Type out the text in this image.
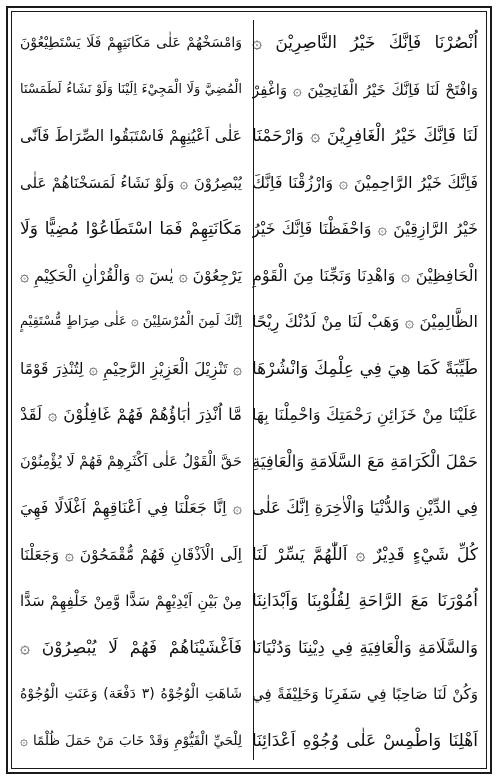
اُنْصُرْنَا فَاِنَّكَ خَيْرُ النَّاصِرِيْنَ ۞
وَافْتَحْ لَنَا فَاِنَّكَ خَيْرُ الْفَاتِحِيْنَ ۞ وَاغْفِرْ
لَنَا فَاِنَّكَ خَيْرُ الْغَافِرِيْنَ ۞ وَارْحَمْنَا
فَاِنَّكَ خَيْرُ الرَّاحِمِيْنَ ۞ وَارْزُقْنَا فَاِنَّكَ
خَيْرُ الرَّازِقِيْنَ ۞ وَاحْفَظْنَا فَاِنَّكَ خَيْرُ
الْحَافِظِيْنَ ۞ وَاهْدِنَا وَنَجِّنَا مِنَ الْقَوْمِ
الظَّالِمِيْنَ ۞ وَهَبْ لَنَا مِنْ لَدُنْكَ رِيْحًا
طَيِّبَةً كَمَا هِيَ فِي عِلْمِكَ وَانْشُرْهَا
عَلَيْنَا مِنْ خَزَائِنِ رَحْمَتِكَ وَاحْمِلْنَا بِهَا
حَمْلَ الْكَرَامَةِ مَعَ السَّلَامَةِ وَالْعَافِيَةِ
فِي الدِّيْنِ وَالدُّنْيَا وَالْاٰخِرَةِ اِنَّكَ عَلٰى
كُلِّ شَيْءٍ قَدِيْرٌ ۞ اَللّٰهُمَّ يَسِّرْ لَنَا
اُمُوْرَنَا مَعَ الرَّاحَةِ لِقُلُوْبِنَا وَاَبْدَانِنَا
وَالسَّلَامَةِ وَالْعَافِيَةِ فِي دِيْنِنَا وَدُنْيَانَا
وَكُنْ لَنَا صَاحِبًا فِي سَفَرِنَا وَخَلِيْفَةً فِي
اَهْلِنَا وَاطْمِسْ عَلٰى وُجُوْهِ اَعْدَائِنَا
وَامْسَخْهُمْ عَلٰى مَكَانَتِهِمْ فَلَا يَسْتَطِيْعُوْنَ
الْمُضِيَّ وَلَا الْمَجِيْءَ اِلَيْنَا وَلَوْ نَشَاءُ لَطَمَسْنَا
عَلٰى اَعْيُنِهِمْ فَاسْتَبَقُوا الصِّرَاطَ فَاَنّٰى
يُبْصِرُوْنَ ۞ وَلَوْ نَشَاءُ لَمَسَخْنَاهُمْ عَلٰى
مَكَانَتِهِمْ فَمَا اسْتَطَاعُوْا مُضِيًّا وَلَا
يَرْجِعُوْنَ ۞ يٰسٓ ۞ وَالْقُرْاٰنِ الْحَكِيْمِ ۞
اِنَّكَ لَمِنَ الْمُرْسَلِيْنَ ۞ عَلٰى صِرَاطٍ مُّسْتَقِيْمٍ
۞ تَنْزِيْلَ الْعَزِيْزِ الرَّحِيْمِ ۞ لِتُنْذِرَ قَوْمًا
مَّا اُنْذِرَ اٰبَاؤُهُمْ فَهُمْ غَافِلُوْنَ ۞ لَقَدْ
حَقَّ الْقَوْلُ عَلٰى اَكْثَرِهِمْ فَهُمْ لَا يُؤْمِنُوْنَ
۞ اِنَّا جَعَلْنَا فِي اَعْنَاقِهِمْ اَغْلَالًا فَهِيَ
اِلَى الْاَذْقَانِ فَهُمْ مُّقْمَحُوْنَ ۞ وَجَعَلْنَا
مِنْ بَيْنِ اَيْدِيْهِمْ سَدًّا وَّمِنْ خَلْفِهِمْ سَدًّا
فَاَغْشَيْنَاهُمْ فَهُمْ لَا يُبْصِرُوْنَ ۞
شَاهَتِ الْوُجُوْهُ (٣ دَفْعَة) وَعَنَتِ الْوُجُوْهُ
لِلْحَيِّ الْقَيُّوْمِ وَقَدْ خَابَ مَنْ حَمَلَ ظُلْمًا ۞
